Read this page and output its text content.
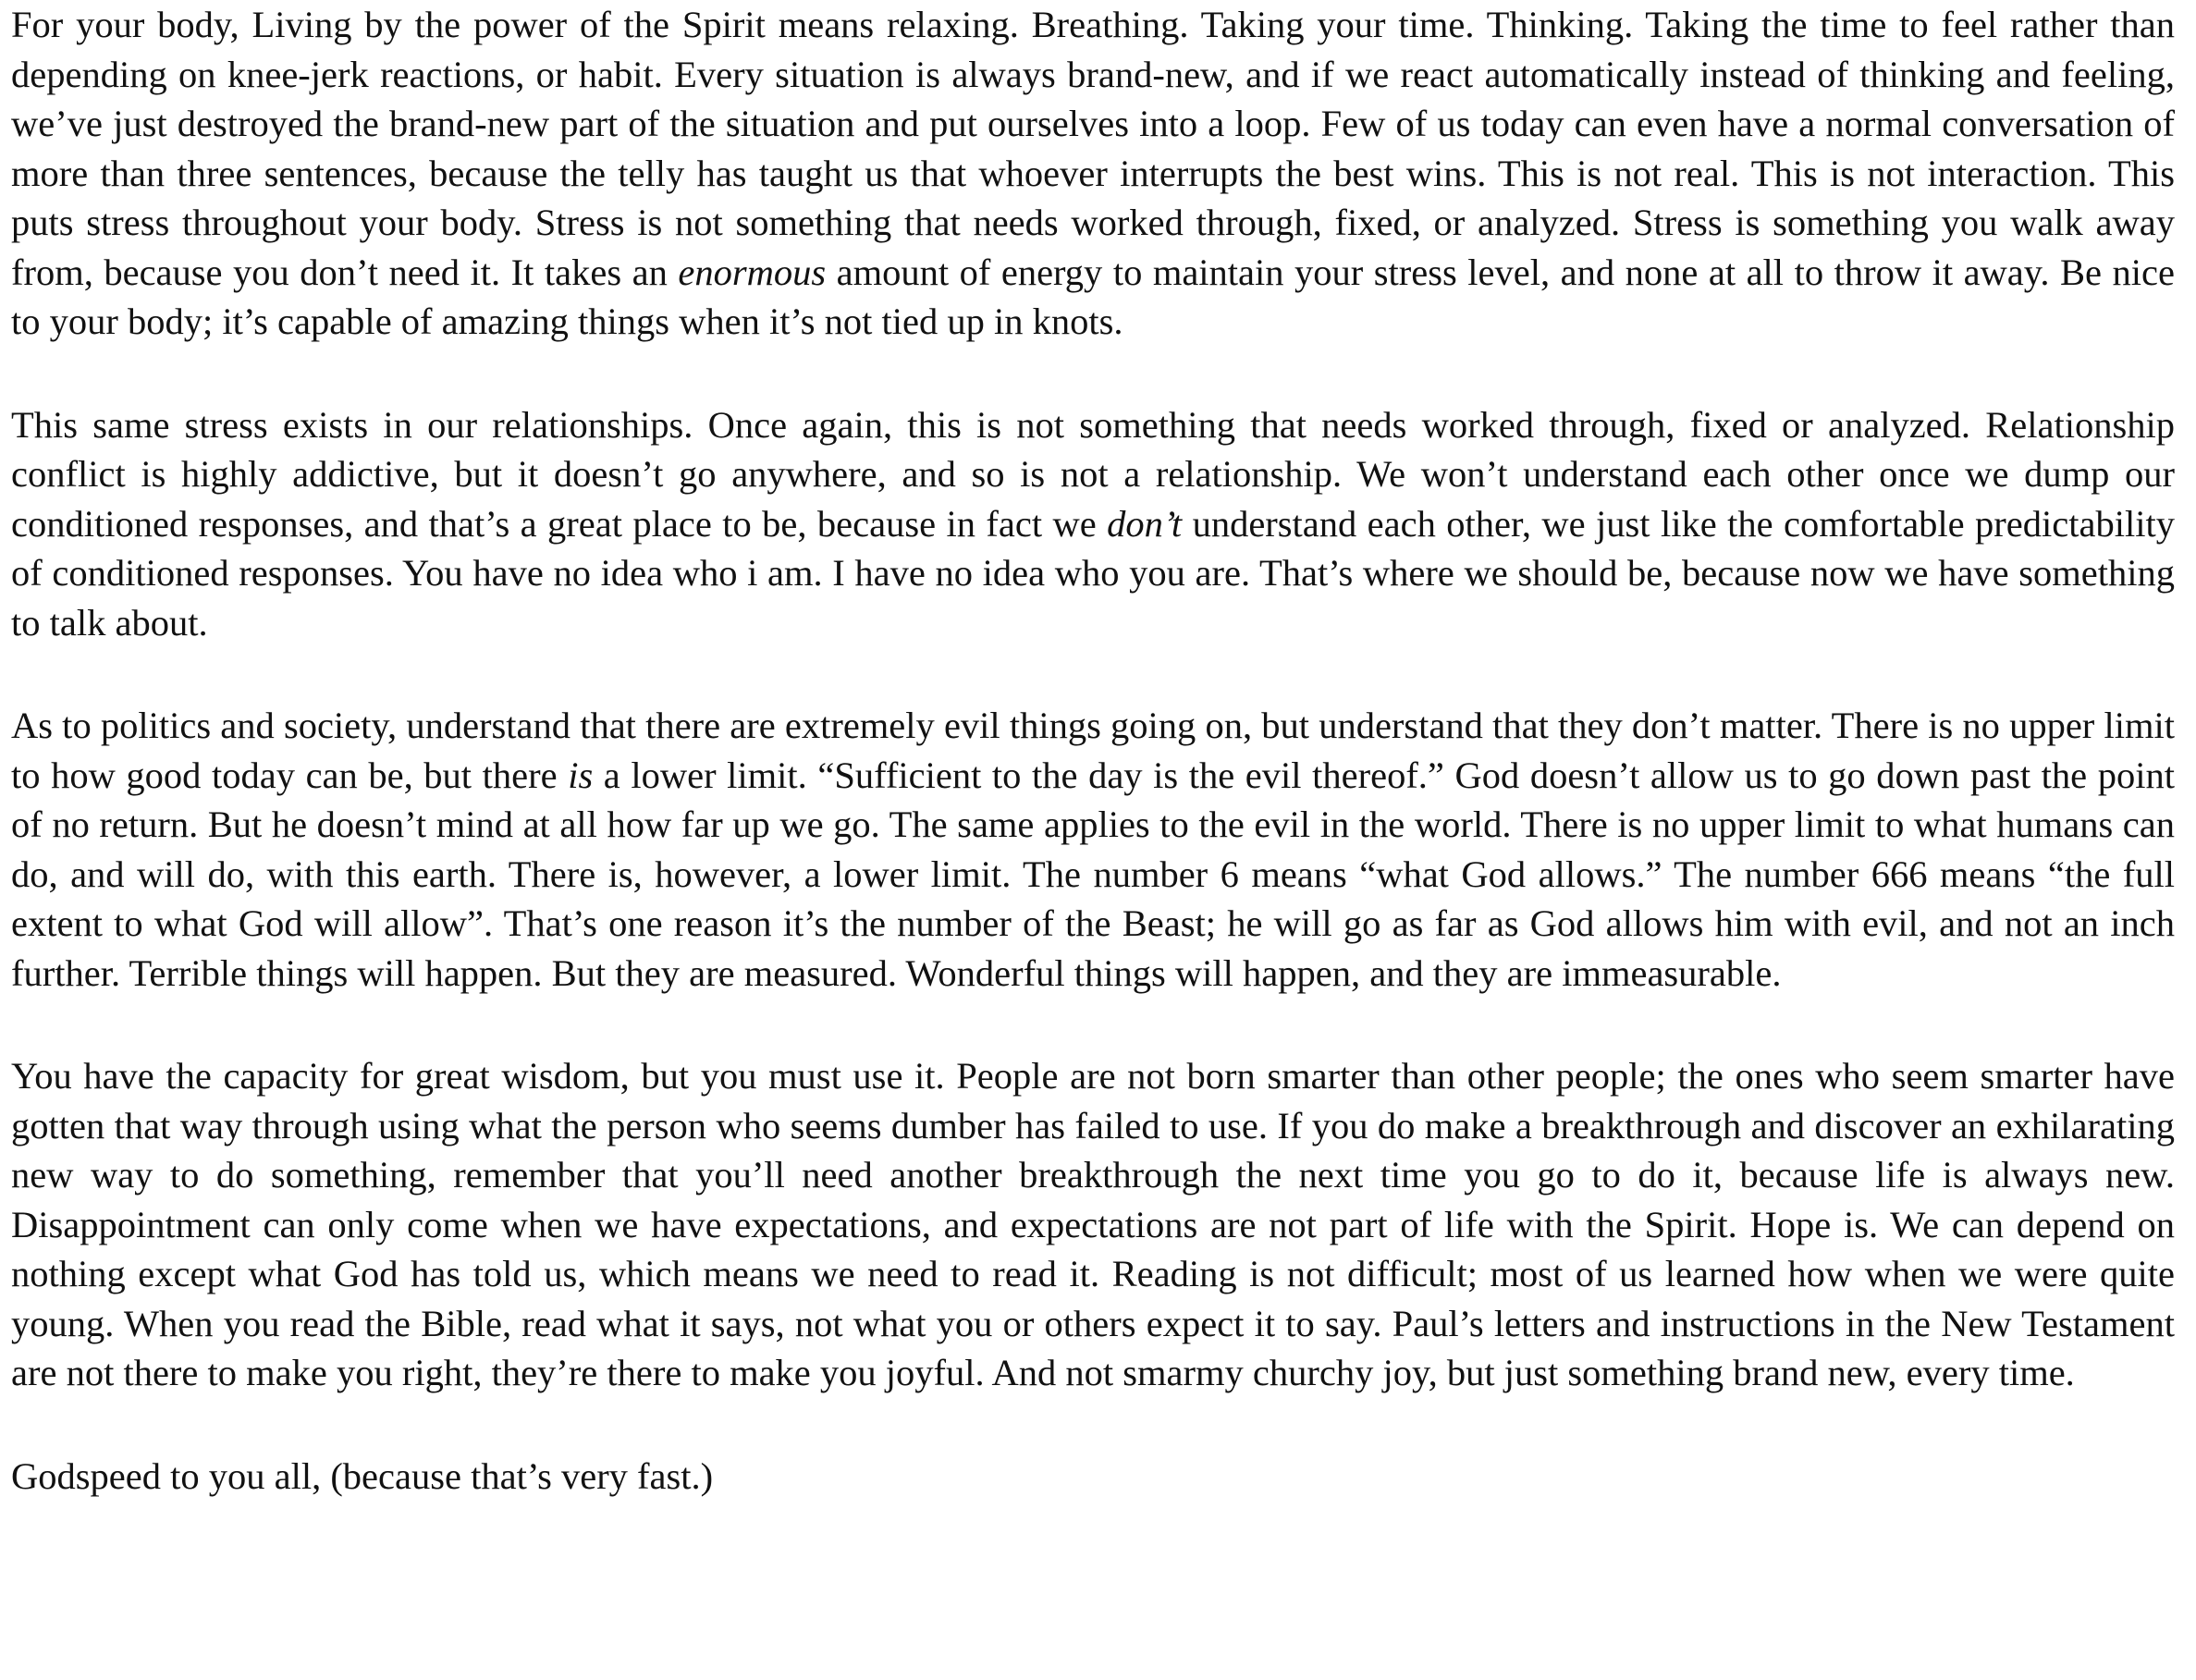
For your body, Living by the power of the Spirit means relaxing. Breathing. Taking your time. Thinking. Taking the time to feel rather than depending on knee-jerk reactions, or habit. Every situation is always brand-new, and if we react automatically instead of thinking and feeling, we’ve just destroyed the brand-new part of the situation and put ourselves into a loop. Few of us today can even have a normal conversation of more than three sentences, because the telly has taught us that whoever interrupts the best wins. This is not real. This is not interaction. This puts stress throughout your body. Stress is not something that needs worked through, fixed, or analyzed. Stress is something you walk away from, because you don’t need it. It takes an enormous amount of energy to maintain your stress level, and none at all to throw it away. Be nice to your body; it’s capable of amazing things when it’s not tied up in knots.

This same stress exists in our relationships. Once again, this is not something that needs worked through, fixed or analyzed. Relationship conflict is highly addictive, but it doesn’t go anywhere, and so is not a relationship. We won’t understand each other once we dump our conditioned responses, and that’s a great place to be, because in fact we don’t understand each other, we just like the comfortable predictability of conditioned responses. You have no idea who i am. I have no idea who you are. That’s where we should be, because now we have something to talk about.

As to politics and society, understand that there are extremely evil things going on, but understand that they don’t matter. There is no upper limit to how good today can be, but there is a lower limit. “Sufficient to the day is the evil thereof.” God doesn’t allow us to go down past the point of no return. But he doesn’t mind at all how far up we go. The same applies to the evil in the world. There is no upper limit to what humans can do, and will do, with this earth. There is, however, a lower limit. The number 6 means “what God allows.” The number 666 means “the full extent to what God will allow”. That’s one reason it’s the number of the Beast; he will go as far as God allows him with evil, and not an inch further. Terrible things will happen. But they are measured. Wonderful things will happen, and they are immeasurable.

You have the capacity for great wisdom, but you must use it. People are not born smarter than other people; the ones who seem smarter have gotten that way through using what the person who seems dumber has failed to use. If you do make a breakthrough and discover an exhilarating new way to do something, remember that you’ll need another breakthrough the next time you go to do it, because life is always new. Disappointment can only come when we have expectations, and expectations are not part of life with the Spirit. Hope is. We can depend on nothing except what God has told us, which means we need to read it. Reading is not difficult; most of us learned how when we were quite young. When you read the Bible, read what it says, not what you or others expect it to say. Paul’s letters and instructions in the New Testament are not there to make you right, they’re there to make you joyful. And not smarmy churchy joy, but just something brand new, every time.

Godspeed to you all, (because that’s very fast.)
